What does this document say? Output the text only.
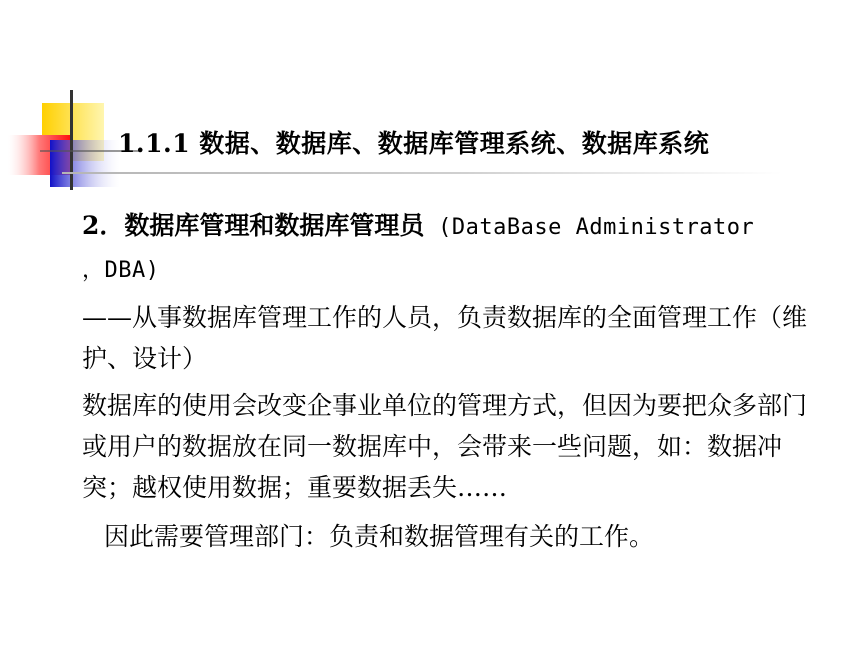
1.1.1 数据、数据库、数据库管理系统、数据库系统

2．数据库管理和数据库管理员 (DataBase Administrator
，DBA)

——从事数据库管理工作的人员，负责数据库的全面管理工作（维护、设计）

数据库的使用会改变企事业单位的管理方式，但因为要把众多部门或用户的数据放在同一数据库中，会带来一些问题，如：数据冲突；越权使用数据；重要数据丢失……

因此需要管理部门：负责和数据管理有关的工作。
